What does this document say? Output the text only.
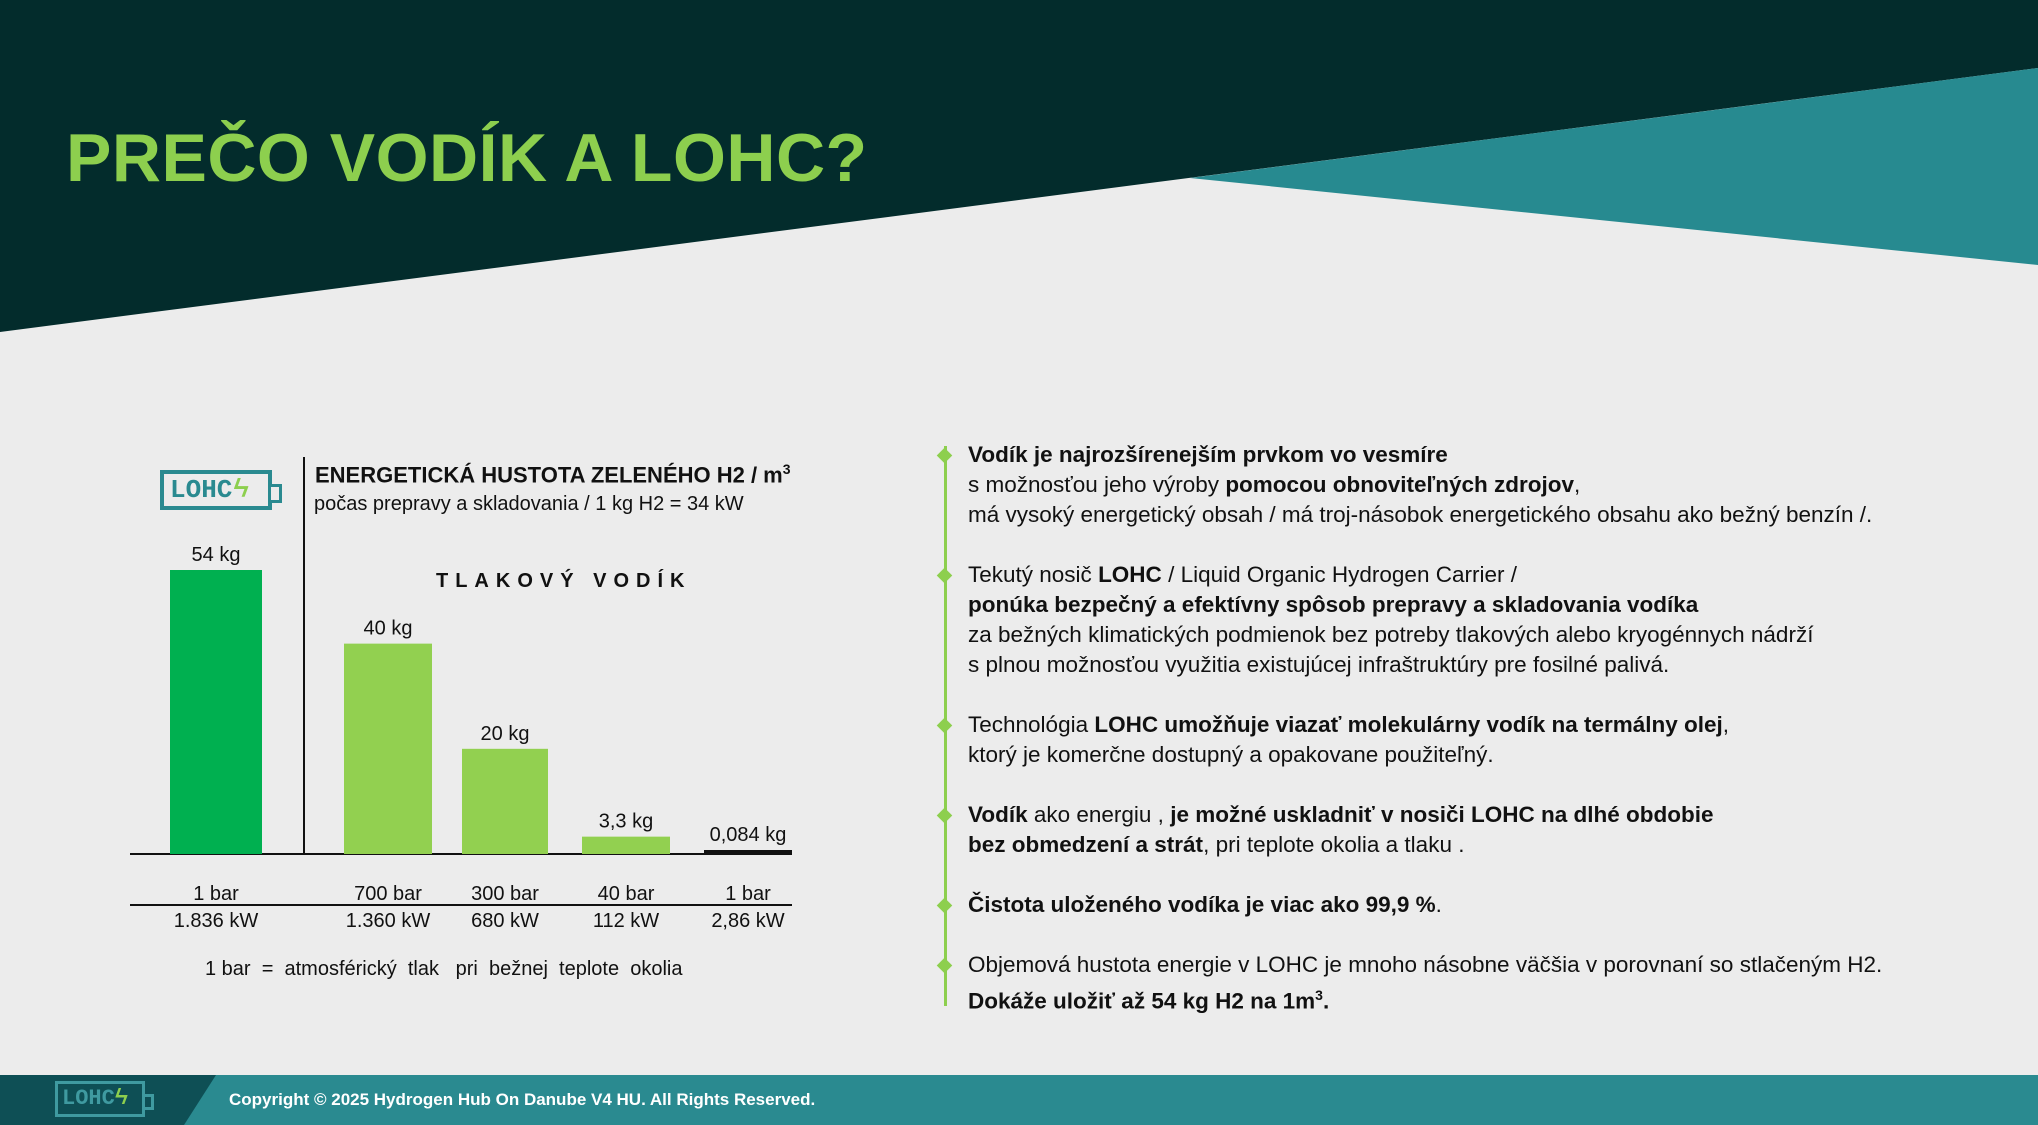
PREČO VODÍK A LOHC?
LOHC ϟ
ENERGETICKÁ HUSTOTA ZELENÉHO $H2 / m^3$
počas prepravy a skladovania / 1 kg H2 = 34 kW
TLAKOVÝ VODÍK
54 kg
1 bar
1.836 kW
40 kg
700 bar
1.360 kW
20 kg
300 bar
680 kW
3,3 kg
40 bar
112 kW
0,084 kg
1 bar
2,86 kW
1 bar  =  atmosférický  tlak   pri  bežnej  teplote  okolia
Vodík je najrozšírenejším prvkom vo vesmíre
s možnosťou jeho výroby pomocou obnoviteľných zdrojov,
má vysoký energetický obsah / má troj-násobok energetického obsahu ako bežný benzín /.
Tekutý nosič LOHC / Liquid Organic Hydrogen Carrier /
ponúka bezpečný a efektívny spôsob prepravy a skladovania vodíka
za bežných klimatických podmienok bez potreby tlakových alebo kryogénnych nádrží
s plnou možnosťou využitia existujúcej infraštruktúry pre fosilné palivá.
Technológia LOHC umožňuje viazať molekulárny vodík na termálny olej,
ktorý je komerčne dostupný a opakovane použiteľný.
Vodík ako energiu , je možné uskladniť v nosiči LOHC na dlhé obdobie
bez obmedzení a strát, pri teplote okolia a tlaku .
Čistota uloženého vodíka je viac ako 99,9 %.
Objemová hustota energie v LOHC je mnoho násobne väčšia v porovnaní so stlačeným H2.
Dokáže uložiť až 54 kg H2 na $1m^3$.
LOHCϟ	Copyright © 2025 Hydrogen Hub On Danube V4 HU. All Rights Reserved.
